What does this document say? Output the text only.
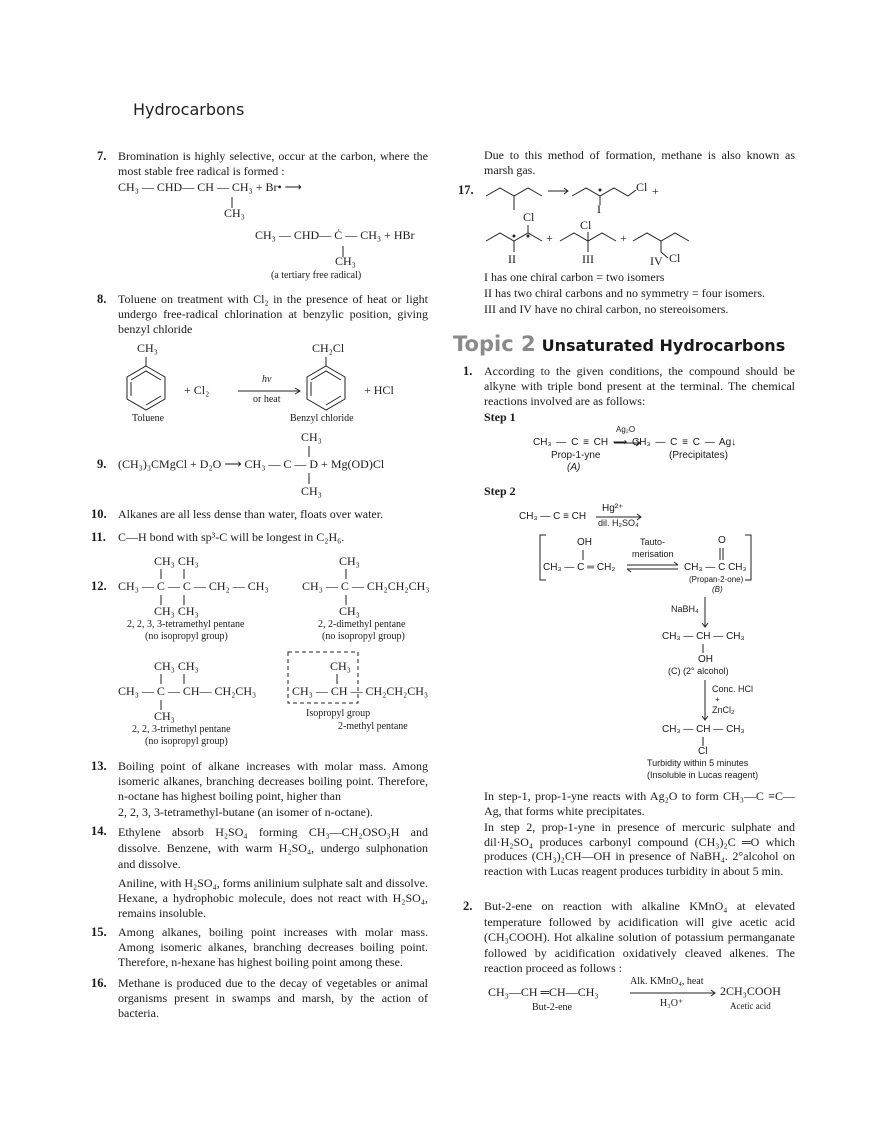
Hydrocarbons
7. Bromination is highly selective, occur at the carbon, where the most stable free radical is formed :
CH₃ — CHD— CH — CH₃ + Br• ⟶
CH₃
CH₃ — CHD— Ċ — CH₃ + HBr
CH₃
(a tertiary free radical)
8. Toluene on treatment with Cl₂ in the presence of heat or light undergo free-radical chlorination at benzylic position, giving benzyl chloride
CH₃	CH₂Cl
+ Cl₂
hv
or heat
+ HCl
Toluene	Benzyl chloride
CH₃
9. (CH₃)₃CMgCl + D₂O ⟶ CH₃ — C — D + Mg(OD)Cl
CH₃
10. Alkanes are all less dense than water, floats over water.
11. C—H bond with sp³-C will be longest in C₂H₆.
CH₃ CH₃
12. CH₃ — C — C — CH₂ — CH₃
CH₃ CH₃
2, 2, 3, 3-tetramethyl pentane
(no isopropyl group)
CH₃
CH₃ — C — CH₂CH₂CH₃
CH₃
2, 2-dimethyl pentane
(no isopropyl group)
CH₃ CH₃
CH₃ — C — CH— CH₂CH₃
CH₃
2, 2, 3-trimethyl pentane
(no isopropyl group)
CH₃
CH₃ — CH — CH₂CH₂CH₃
Isopropyl group
2-methyl pentane
13. Boiling point of alkane increases with molar mass. Among isomeric alkanes, branching decreases boiling point. Therefore, n-octane has highest boiling point, higher than
2, 2, 3, 3-tetramethyl-butane (an isomer of n-octane).
14. Ethylene absorb H₂SO₄ forming CH₃—CH₂OSO₃H and dissolve. Benzene, with warm H₂SO₄, undergo sulphonation and dissolve.
Aniline, with H₂SO₄, forms anilinium sulphate salt and dissolve. Hexane, a hydrophobic molecule, does not react with H₂SO₄, remains insoluble.
15. Among alkanes, boiling point increases with molar mass. Among isomeric alkanes, branching decreases boiling point. Therefore, n-hexane has highest boiling point among these.
16. Methane is produced due to the decay of vegetables or animal organisms present in swamps and marsh, by the action of bacteria.
Due to this method of formation, methane is also known as marsh gas.
17.	Cl +
I
Cl
Cl
+	+
II	III	IV Cl
I has one chiral carbon = two isomers
II has two chiral carbons and no symmetry = four isomers.
III and IV have no chiral carbon, no stereoisomers.
Topic 2 Unsaturated Hydrocarbons
1. According to the given conditions, the compound should be alkyne with triple bond present at the terminal. The chemical reactions involved are as follows:
Step 1
Ag₂O
CH₃ — C ≡ CH ⟶ CH₃ — C ≡ C — Ag↓
Prop-1-yne
(A)
(Precipitates)
Step 2
CH₃ — C ≡ CH
Hg²⁺
dil. H₂SO₄
OH
CH₃ — C ═ CH₂
Tauto-
merisation
O
CH₃ — C CH₃
(Propan-2-one)
(B)
NaBH₄
CH₃ — CH — CH₃
OH
(C) (2° alcohol)
Conc. HCl
+
ZnCl₂
CH₃ — CH — CH₃
Cl
Turbidity within 5 minutes
(Insoluble in Lucas reagent)
In step-1, prop-1-yne reacts with Ag₂O to form CH₃—C ≡C—Ag, that forms white precipitates.
In step 2, prop-1-yne in presence of mercuric sulphate and dil·H₂SO₄ produces carbonyl compound (CH₃)₂C ═O which produces (CH₃)₂CH—OH in presence of NaBH₄. 2°alcohol on reaction with Lucas reagent produces turbidity in about 5 min.
2. But-2-ene on reaction with alkaline KMnO₄ at elevated temperature followed by acidification will give acetic acid (CH₃COOH). Hot alkaline solution of potassium permanganate followed by acidification oxidatively cleaved alkenes. The reaction proceed as follows :
CH₃—CH ═CH—CH₃
Alk. KMnO₄, heat
H₃O⁺
2CH₃COOH
But-2-ene	Acetic acid
